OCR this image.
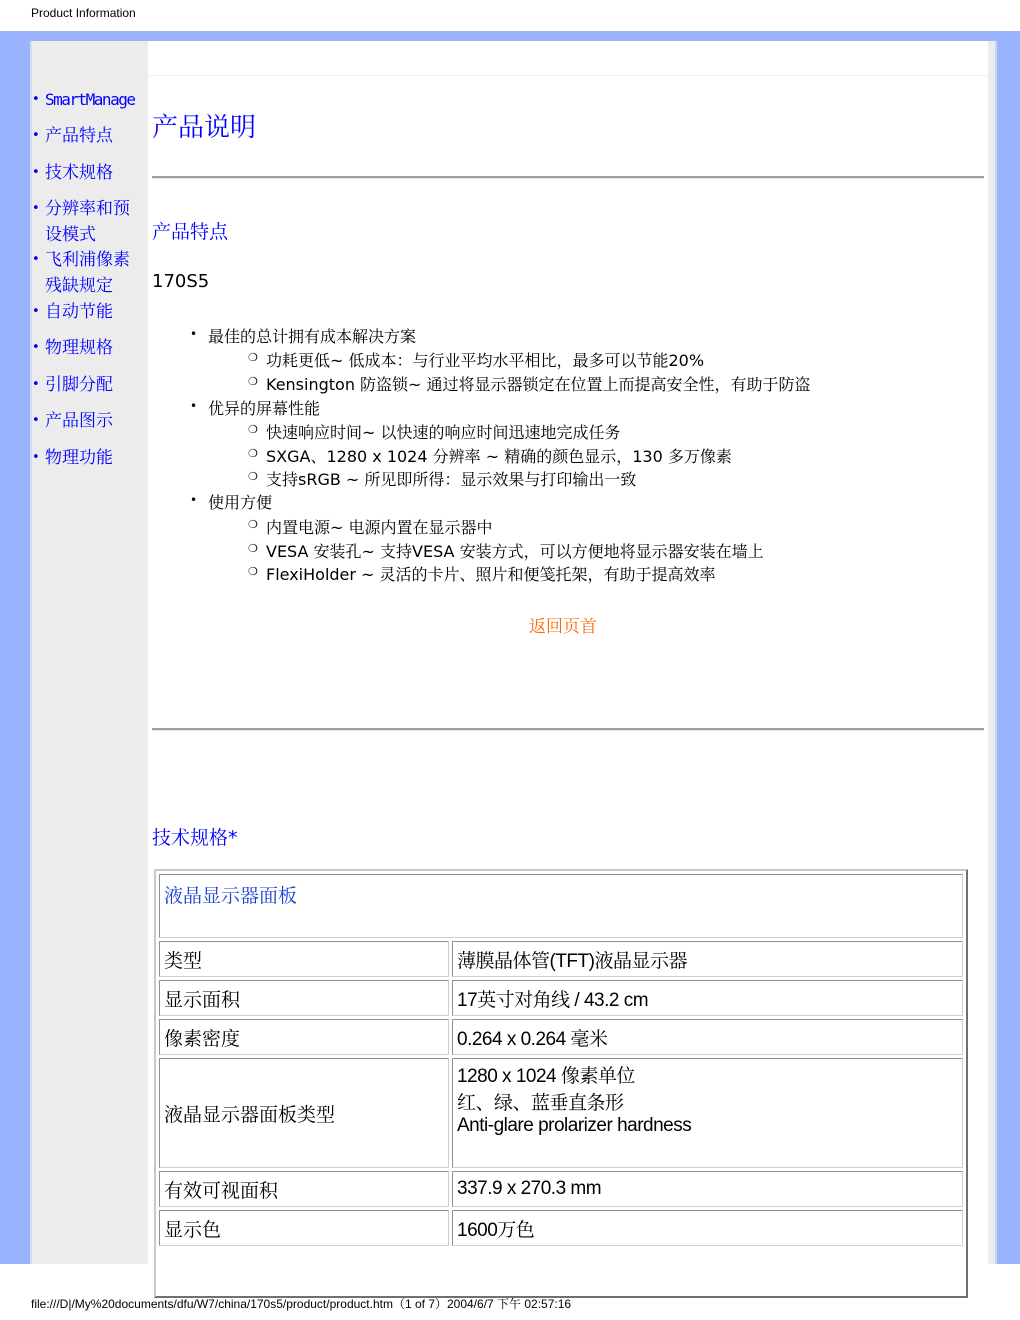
Product Information
• SmartManage
• 产品特点
• 技术规格
• 分辨率和预设模式
• 飞利浦像素残缺规定
• 自动节能
• 物理规格
• 引脚分配
• 产品图示
• 物理功能
产品说明
产品特点
170S5
• 最佳的总计拥有成本解决方案
❍ 功耗更低~ 低成本：与行业平均水平相比，最多可以节能20%
❍ Kensington 防盗锁~ 通过将显示器锁定在位置上而提高安全性，有助于防盗
• 优异的屏幕性能
❍ 快速响应时间~ 以快速的响应时间迅速地完成任务
❍ SXGA、1280 x 1024 分辨率 ~ 精确的颜色显示，130 多万像素
❍ 支持sRGB ~ 所见即所得：显示效果与打印输出一致
• 使用方便
❍ 内置电源~ 电源内置在显示器中
❍ VESA 安装孔~ 支持VESA 安装方式，可以方便地将显示器安装在墙上
❍ FlexiHolder ~ 灵活的卡片、照片和便笺托架，有助于提高效率
返回页首
技术规格*
液晶显示器面板	
类型	薄膜晶体管(TFT)液晶显示器
显示面积	17英寸对角线 / 43.2 cm
像素密度	0.264 x 0.264 毫米
液晶显示器面板类型	1280 x 1024 像素单位
红、绿、蓝垂直条形
Anti-glare prolarizer hardness

有效可视面积	337.9 x 270.3 mm
显示色	1600万色

file:///D|/My%20documents/dfu/W7/china/170s5/product/product.htm（1 of 7）2004/6/7 下午 02:57:16
